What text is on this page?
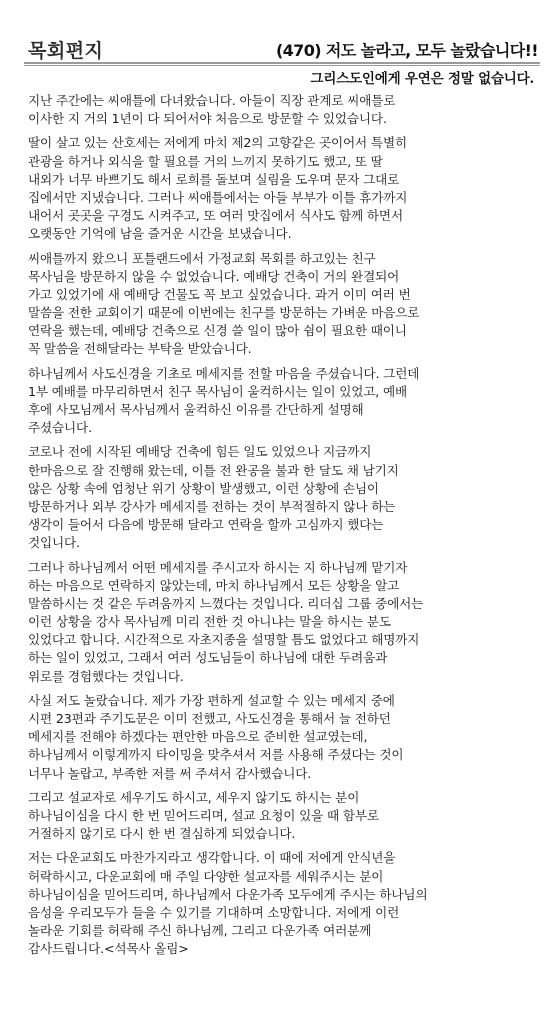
목회편지	(470) 저도 놀라고, 모두 놀랐습니다!!
그리스도인에게 우연은 정말 없습니다.
지난 주간에는 씨애틀에 다녀왔습니다. 아들이 직장 관계로 씨애틀로
이사한 지 거의 1년이 다 되어서야 처음으로 방문할 수 있었습니다.
딸이 살고 있는 산호세는 저에게 마치 제2의 고향같은 곳이어서 특별히
관광을 하거나 외식을 할 필요를 거의 느끼지 못하기도 했고, 또 딸
내외가 너무 바쁘기도 해서 로희를 돌보며 실림을 도우며 문자 그대로
집에서만 지냈습니다. 그러나 씨애틀에서는 아들 부부가 이틀 휴가까지
내어서 곳곳을 구경도 시켜주고, 또 여러 맛집에서 식사도 함께 하면서
오랫동안 기억에 남을 즐거운 시간을 보냈습니다.
씨애틀까지 왔으니 포틀랜드에서 가정교회 목회를 하고있는 친구
목사님을 방문하지 않을 수 없었습니다. 예배당 건축이 거의 완결되어
가고 있었기에 새 예배당 건물도 꼭 보고 싶었습니다. 과거 이미 여러 번
말씀을 전한 교회이기 때문에 이번에는 친구를 방문하는 가벼운 마음으로
연락을 했는데, 예배당 건축으로 신경 쓸 일이 많아 쉼이 필요한 때이니
꼭 말씀을 전해달라는 부탁을 받았습니다.
하나님께서 사도신경을 기초로 메세지를 전할 마음을 주셨습니다. 그런데
1부 예배를 마무리하면서 친구 목사님이 울컥하시는 일이 있었고, 예배
후에 사모님께서 목사님께서 울컥하신 이유를 간단하게 설명해
주셨습니다.
코로나 전에 시작된 예배당 건축에 힘든 일도 있었으나 지금까지
한마음으로 잘 진행해 왔는데, 이틀 전 완공을 불과 한 달도 채 남기지
않은 상황 속에 엄청난 위기 상황이 발생했고, 이런 상황에 손님이
방문하거나 외부 강사가 메세지를 전하는 것이 부적절하지 않나 하는
생각이 들어서 다음에 방문해 달라고 연락을 할까 고심까지 했다는
것입니다.
그러나 하나님께서 어떤 메세지를 주시고자 하시는 지 하나님께 맡기자
하는 마음으로 연락하지 않았는데, 마치 하나님께서 모든 상황을 알고
말씀하시는 것 같은 두려움까지 느꼈다는 것입니다. 리더십 그룹 중에서는
이런 상황을 강사 목사님께 미리 전한 것 아니냐는 말을 하시는 분도
있었다고 합니다. 시간적으로 자초지종을 설명할 틈도 없었다고 해명까지
하는 일이 있었고, 그래서 여러 성도님들이 하나님에 대한 두려움과
위로를 경험했다는 것입니다.
사실 저도 놀랐습니다. 제가 가장 편하게 설교할 수 있는 메세지 중에
시편 23편과 주기도문은 이미 전했고, 사도신경을 통해서 늘 전하던
메세지를 전해야 하겠다는 편안한 마음으로 준비한 설교였는데,
하나님께서 이렇게까지 타이밍을 맞추셔서 저를 사용해 주셨다는 것이
너무나 놀랍고, 부족한 저를 써 주셔서 감사했습니다.
그리고 설교자로 세우기도 하시고, 세우지 않기도 하시는 분이
하나님이심을 다시 한 번 믿어드리며, 설교 요청이 있을 때 함부로
거절하지 않기로 다시 한 번 결심하게 되었습니다.
저는 다운교회도 마찬가지라고 생각합니다. 이 때에 저에게 안식년을
허락하시고, 다운교회에 매 주일 다양한 설교자를 세워주시는 분이
하나님이심을 믿어드리며, 하나님께서 다운가족 모두에게 주시는 하나님의
음성을 우리모두가 들을 수 있기를 기대하며 소망합니다. 저에게 이런
놀라운 기회를 허락해 주신 하나님께, 그리고 다운가족 여러분께
감사드립니다.<석목사 올림>
